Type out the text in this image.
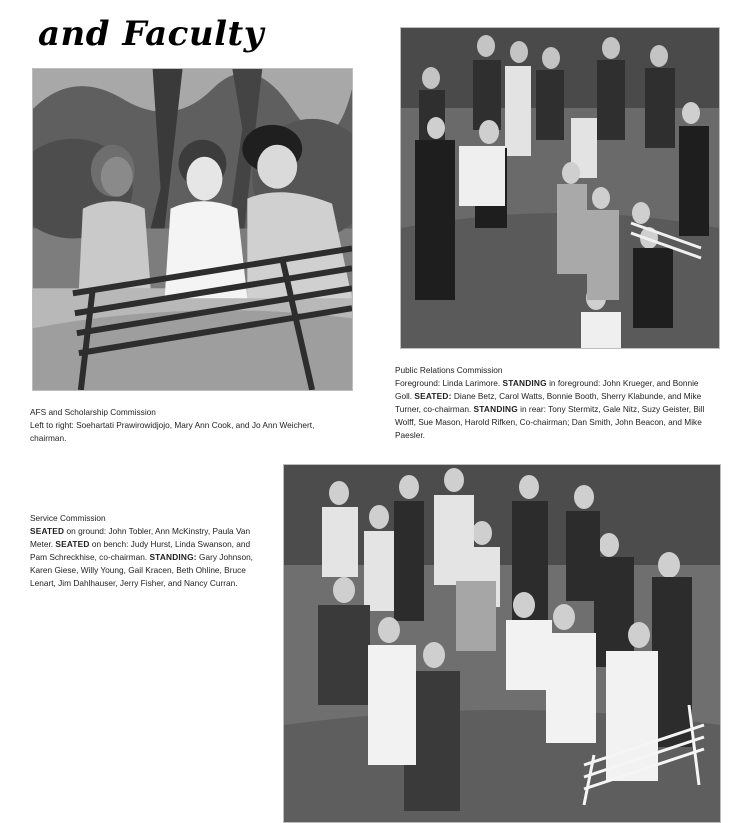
and Faculty
AFS and Scholarship Commission

Left to right: Soehartati Prawirowidjojo, Mary Ann Cook, and Jo Ann Weichert, chairman.

Public Relations Commission

Foreground: Linda Larimore. STANDING in foreground: John Krueger, and Bonnie Goll. SEATED: Diane Betz, Carol Watts, Bonnie Booth, Sherry Klabunde, and Mike Turner, co-chairman. STANDING in rear: Tony Stermitz, Gale Nitz, Suzy Geister, Bill Wolff, Sue Mason, Harold Rifken, Co-chairman; Dan Smith, John Beacon, and Mike Paesler.

Service Commission

SEATED on ground: John Tobler, Ann McKinstry, Paula Van Meter. SEATED on bench: Judy Hurst, Linda Swanson, and Pam Schreckhise, co-chairman. STANDING: Gary Johnson, Karen Giese, Willy Young, Gail Kracen, Beth Ohline, Bruce Lenart, Jim Dahlhauser, Jerry Fisher, and Nancy Curran.
